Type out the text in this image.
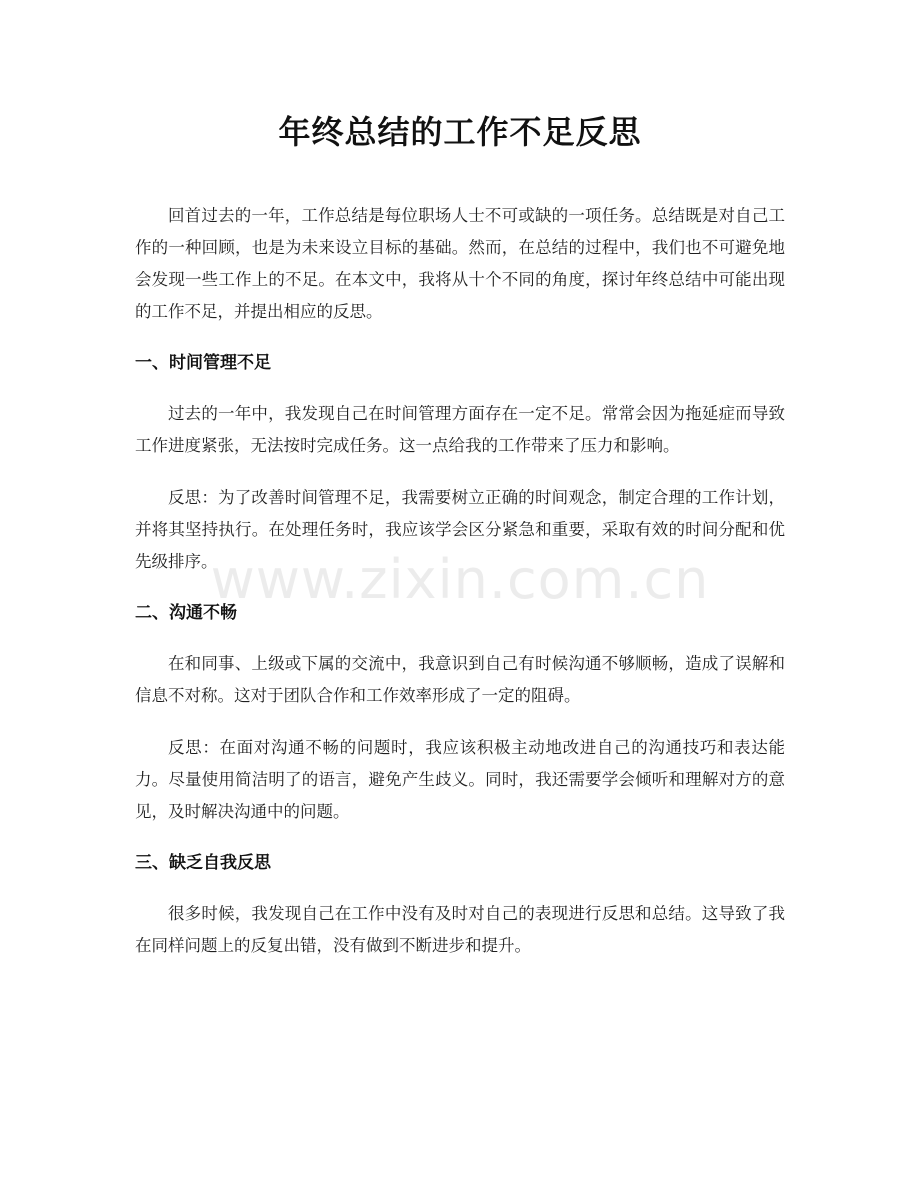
年终总结的工作不足反思

回首过去的一年，工作总结是每位职场人士不可或缺的一项任务。总结既是对自己工作的一种回顾，也是为未来设立目标的基础。然而，在总结的过程中，我们也不可避免地会发现一些工作上的不足。在本文中，我将从十个不同的角度，探讨年终总结中可能出现的工作不足，并提出相应的反思。

一、时间管理不足

过去的一年中，我发现自己在时间管理方面存在一定不足。常常会因为拖延症而导致工作进度紧张，无法按时完成任务。这一点给我的工作带来了压力和影响。

反思：为了改善时间管理不足，我需要树立正确的时间观念，制定合理的工作计划，并将其坚持执行。在处理任务时，我应该学会区分紧急和重要，采取有效的时间分配和优先级排序。

二、沟通不畅

在和同事、上级或下属的交流中，我意识到自己有时候沟通不够顺畅，造成了误解和信息不对称。这对于团队合作和工作效率形成了一定的阻碍。

反思：在面对沟通不畅的问题时，我应该积极主动地改进自己的沟通技巧和表达能力。尽量使用简洁明了的语言，避免产生歧义。同时，我还需要学会倾听和理解对方的意见，及时解决沟通中的问题。

三、缺乏自我反思

很多时候，我发现自己在工作中没有及时对自己的表现进行反思和总结。这导致了我在同样问题上的反复出错，没有做到不断进步和提升。

www.zixin.com.cn
